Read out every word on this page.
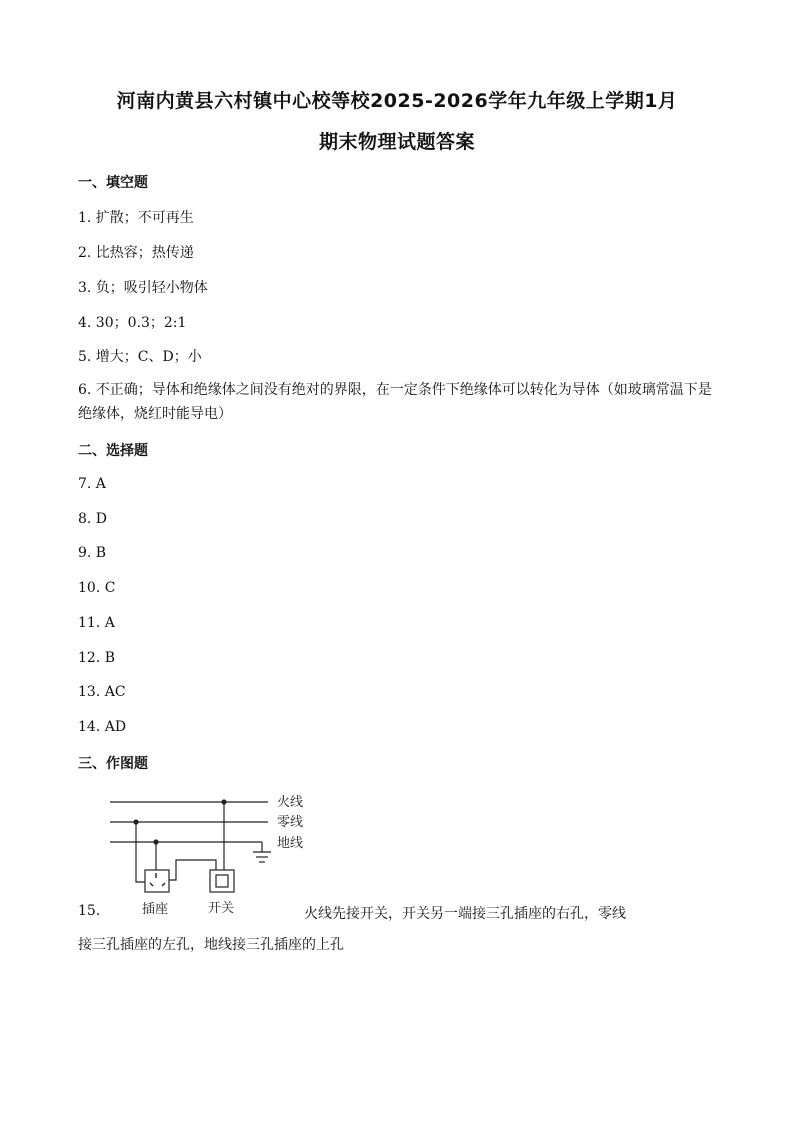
河南内黄县六村镇中心校等校2025-2026学年九年级上学期1月
期末物理试题答案
一、填空题
1. 扩散；不可再生
2. 比热容；热传递
3. 负；吸引轻小物体
4. 30；0.3；2:1
5. 增大；C、D；小
6. 不正确；导体和绝缘体之间没有绝对的界限，在一定条件下绝缘体可以转化为导体（如玻璃常温下是绝缘体，烧红时能导电）
二、选择题
7. A
8. D
9. B
10. C
11. A
12. B
13. AC
14. AD
三、作图题
火线
零线
地线
插座	开关
15.	火线先接开关，开关另一端接三孔插座的右孔，零线
接三孔插座的左孔，地线接三孔插座的上孔
